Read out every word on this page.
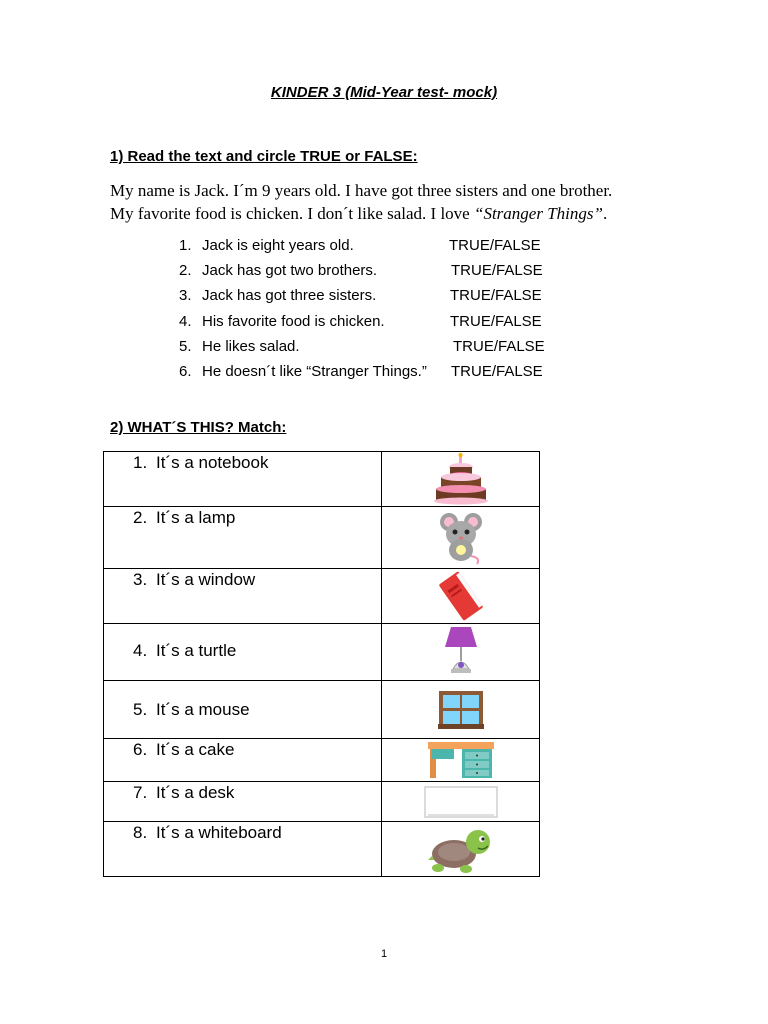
KINDER 3 (Mid-Year test- mock)
1) Read the text and circle TRUE or FALSE:
My name is Jack. I´m 9 years old. I have got three sisters and one brother.
My favorite food is chicken. I don´t like salad. I love “Stranger Things”.
1. Jack is eight years old.	TRUE/FALSE
2. Jack has got two brothers.	TRUE/FALSE
3. Jack has got three sisters.	TRUE/FALSE
4. His favorite food is chicken.	TRUE/FALSE
5. He likes salad.	TRUE/FALSE
6. He doesn´t like “Stranger Things.” TRUE/FALSE
2) WHAT´S THIS? Match:
1. It´s a notebook

2. It´s a lamp

3. It´s a window

4. It´s a turtle

5. It´s a mouse

6. It´s a cake

7. It´s a desk

8. It´s a whiteboard

1
